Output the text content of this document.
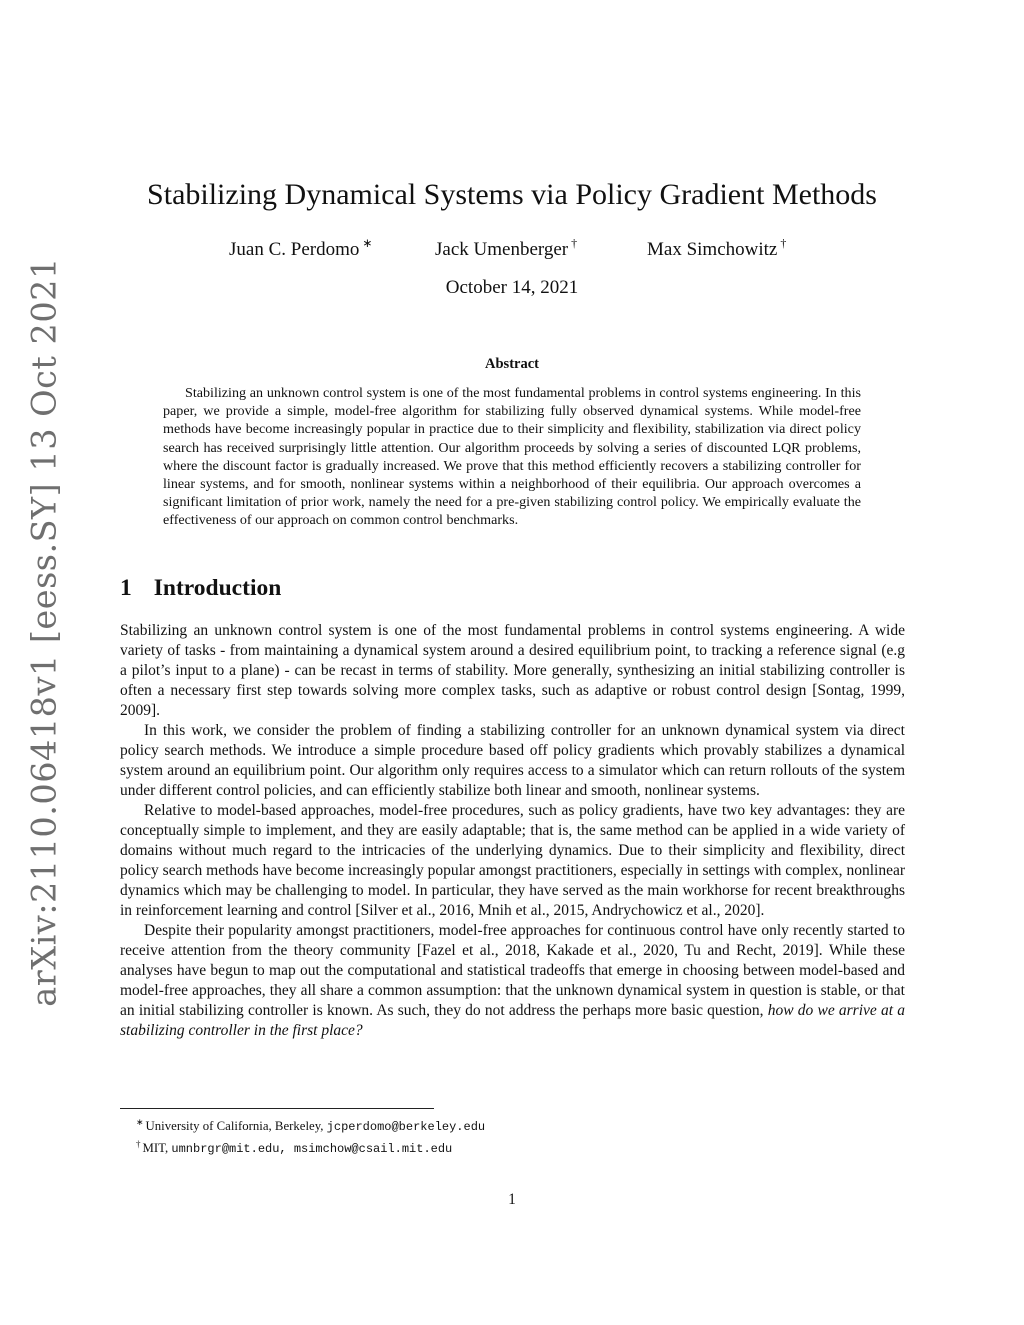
arXiv:2110.06418v1 [eess.SY] 13 Oct 2021
Stabilizing Dynamical Systems via Policy Gradient Methods
Juan C. Perdomo ∗	Jack Umenberger †	Max Simchowitz †
October 14, 2021
Abstract

Stabilizing an unknown control system is one of the most fundamental problems in control systems engineering. In this paper, we provide a simple, model-free algorithm for stabilizing fully observed dynamical systems. While model-free methods have become increasingly popular in practice due to their simplicity and flexibility, stabilization via direct policy search has received surprisingly little attention. Our algorithm proceeds by solving a series of discounted LQR problems, where the discount factor is gradually increased. We prove that this method efficiently recovers a stabilizing controller for linear systems, and for smooth, nonlinear systems within a neighborhood of their equilibria. Our approach overcomes a significant limitation of prior work, namely the need for a pre-given stabilizing control policy. We empirically evaluate the effectiveness of our approach on common control benchmarks.

1 Introduction

Stabilizing an unknown control system is one of the most fundamental problems in control systems engineering. A wide variety of tasks - from maintaining a dynamical system around a desired equilibrium point, to tracking a reference signal (e.g a pilot’s input to a plane) - can be recast in terms of stability. More generally, synthesizing an initial stabilizing controller is often a necessary first step towards solving more complex tasks, such as adaptive or robust control design [Sontag, 1999, 2009].

In this work, we consider the problem of finding a stabilizing controller for an unknown dynamical system via direct policy search methods. We introduce a simple procedure based off policy gradients which provably stabilizes a dynamical system around an equilibrium point. Our algorithm only requires access to a simulator which can return rollouts of the system under different control policies, and can efficiently stabilize both linear and smooth, nonlinear systems.

Relative to model-based approaches, model-free procedures, such as policy gradients, have two key advantages: they are conceptually simple to implement, and they are easily adaptable; that is, the same method can be applied in a wide variety of domains without much regard to the intricacies of the underlying dynamics. Due to their simplicity and flexibility, direct policy search methods have become increasingly popular amongst practitioners, especially in settings with complex, nonlinear dynamics which may be challenging to model. In particular, they have served as the main workhorse for recent breakthroughs in reinforcement learning and control [Silver et al., 2016, Mnih et al., 2015, Andrychowicz et al., 2020].

Despite their popularity amongst practitioners, model-free approaches for continuous control have only recently started to receive attention from the theory community [Fazel et al., 2018, Kakade et al., 2020, Tu and Recht, 2019]. While these analyses have begun to map out the computational and statistical tradeoffs that emerge in choosing between model-based and model-free approaches, they all share a common assumption: that the unknown dynamical system in question is stable, or that an initial stabilizing controller is known. As such, they do not address the perhaps more basic question, how do we arrive at a stabilizing controller in the first place?

∗ University of California, Berkeley, jcperdomo@berkeley.edu
† MIT, umnbrgr@mit.edu, msimchow@csail.mit.edu
1
